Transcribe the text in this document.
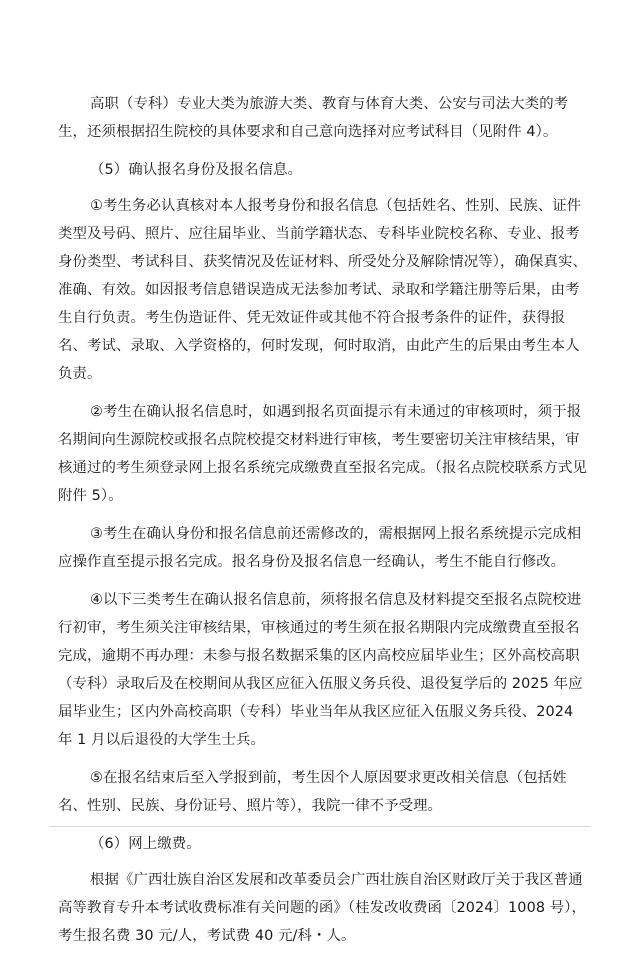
高职（专科）专业大类为旅游大类、教育与体育大类、公安与司法大类的考生，还须根据招生院校的具体要求和自己意向选择对应考试科目（见附件 4）。

（5）确认报名身份及报名信息。

①考生务必认真核对本人报考身份和报名信息（包括姓名、性别、民族、证件类型及号码、照片、应往届毕业、当前学籍状态、专科毕业院校名称、专业、报考身份类型、考试科目、获奖情况及佐证材料、所受处分及解除情况等），确保真实、准确、有效。如因报考信息错误造成无法参加考试、录取和学籍注册等后果，由考生自行负责。考生伪造证件、凭无效证件或其他不符合报考条件的证件，获得报名、考试、录取、入学资格的，何时发现，何时取消，由此产生的后果由考生本人负责。

②考生在确认报名信息时，如遇到报名页面提示有未通过的审核项时，须于报名期间向生源院校或报名点院校提交材料进行审核，考生要密切关注审核结果，审核通过的考生须登录网上报名系统完成缴费直至报名完成。（报名点院校联系方式见附件 5）。

③考生在确认身份和报名信息前还需修改的，需根据网上报名系统提示完成相应操作直至提示报名完成。报名身份及报名信息一经确认，考生不能自行修改。

④以下三类考生在确认报名信息前，须将报名信息及材料提交至报名点院校进行初审，考生须关注审核结果，审核通过的考生须在报名期限内完成缴费直至报名完成，逾期不再办理：未参与报名数据采集的区内高校应届毕业生；区外高校高职（专科）录取后及在校期间从我区应征入伍服义务兵役、退役复学后的 2025 年应届毕业生；区内外高校高职（专科）毕业当年从我区应征入伍服义务兵役、2024 年 1 月以后退役的大学生士兵。

⑤在报名结束后至入学报到前，考生因个人原因要求更改相关信息（包括姓名、性别、民族、身份证号、照片等），我院一律不予受理。

（6）网上缴费。

根据《广西壮族自治区发展和改革委员会广西壮族自治区财政厅关于我区普通高等教育专升本考试收费标准有关问题的函》（桂发改收费函〔2024〕1008 号），考生报名费 30 元/人，考试费 40 元/科・人。
